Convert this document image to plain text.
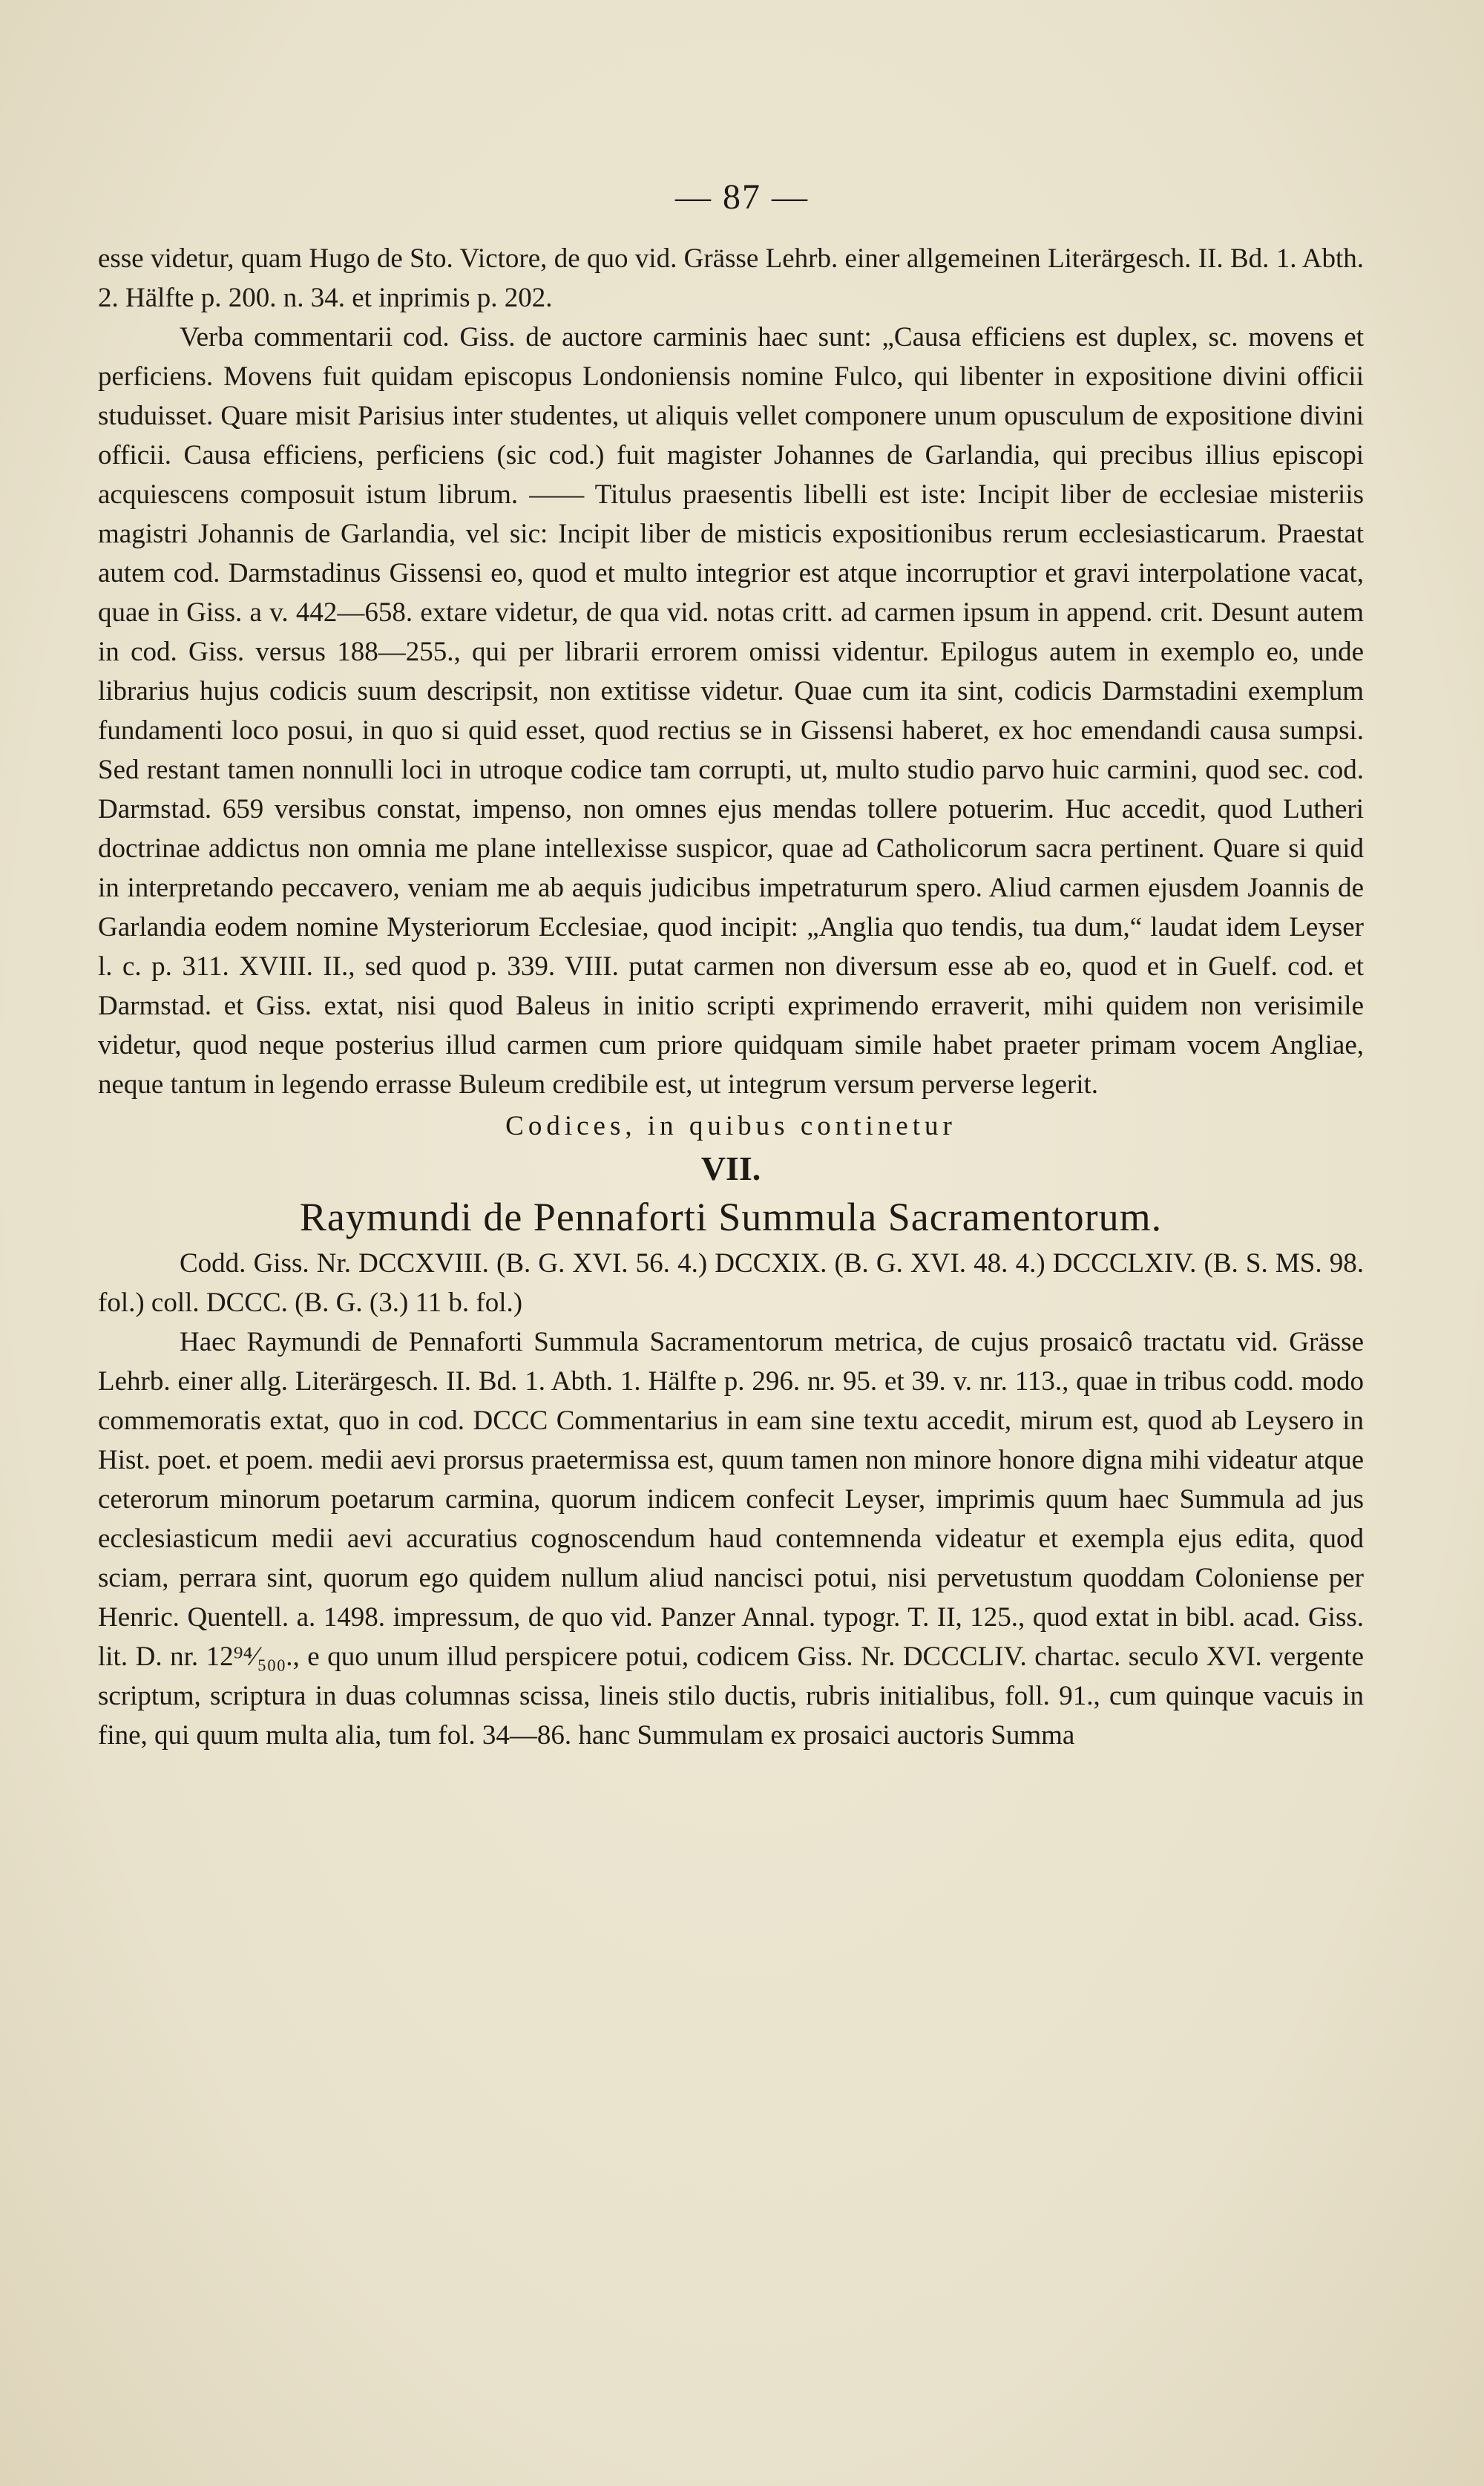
— 87 —

esse videtur, quam Hugo de Sto. Victore, de quo vid. Grässe Lehrb. einer allgemeinen Literärgesch. II. Bd. 1. Abth. 2. Hälfte p. 200. n. 34. et inprimis p. 202.

Verba commentarii cod. Giss. de auctore carminis haec sunt: „Causa efficiens est duplex, sc. movens et perficiens. Movens fuit quidam episcopus Londoniensis nomine Fulco, qui libenter in expositione divini officii studuisset. Quare misit Parisius inter studentes, ut aliquis vellet componere unum opusculum de expositione divini officii. Causa efficiens, perficiens (sic cod.) fuit magister Johannes de Garlandia, qui precibus illius episcopi acquiescens composuit istum librum. —— Titulus praesentis libelli est iste: Incipit liber de ecclesiae misteriis magistri Johannis de Garlandia, vel sic: Incipit liber de misticis expositionibus rerum ecclesiasticarum. Praestat autem cod. Darmstadinus Gissensi eo, quod et multo integrior est atque incorruptior et gravi interpolatione vacat, quae in Giss. a v. 442—658. extare videtur, de qua vid. notas critt. ad carmen ipsum in append. crit. Desunt autem in cod. Giss. versus 188—255., qui per librarii errorem omissi videntur. Epilogus autem in exemplo eo, unde librarius hujus codicis suum descripsit, non extitisse videtur. Quae cum ita sint, codicis Darmstadini exemplum fundamenti loco posui, in quo si quid esset, quod rectius se in Gissensi haberet, ex hoc emendandi causa sumpsi. Sed restant tamen nonnulli loci in utroque codice tam corrupti, ut, multo studio parvo huic carmini, quod sec. cod. Darmstad. 659 versibus constat, impenso, non omnes ejus mendas tollere potuerim. Huc accedit, quod Lutheri doctrinae addictus non omnia me plane intellexisse suspicor, quae ad Catholicorum sacra pertinent. Quare si quid in interpretando peccavero, veniam me ab aequis judicibus impetraturum spero. Aliud carmen ejusdem Joannis de Garlandia eodem nomine Mysteriorum Ecclesiae, quod incipit: „Anglia quo tendis, tua dum,“ laudat idem Leyser l. c. p. 311. XVIII. II., sed quod p. 339. VIII. putat carmen non diversum esse ab eo, quod et in Guelf. cod. et Darmstad. et Giss. extat, nisi quod Baleus in initio scripti exprimendo erraverit, mihi quidem non verisimile videtur, quod neque posterius illud carmen cum priore quidquam simile habet praeter primam vocem Angliae, neque tantum in legendo errasse Buleum credibile est, ut integrum versum perverse legerit.

Codices, in quibus continetur
VII.
Raymundi de Pennaforti Summula Sacramentorum.

Codd. Giss. Nr. DCCXVIII. (B. G. XVI. 56. 4.) DCCXIX. (B. G. XVI. 48. 4.) DCCCLXIV. (B. S. MS. 98. fol.) coll. DCCC. (B. G. (3.) 11 b. fol.)

Haec Raymundi de Pennaforti Summula Sacramentorum metrica, de cujus prosaicô tractatu vid. Grässe Lehrb. einer allg. Literärgesch. II. Bd. 1. Abth. 1. Hälfte p. 296. nr. 95. et 39. v. nr. 113., quae in tribus codd. modo commemoratis extat, quo in cod. DCCC Commentarius in eam sine textu accedit, mirum est, quod ab Leysero in Hist. poet. et poem. medii aevi prorsus praetermissa est, quum tamen non minore honore digna mihi videatur atque ceterorum minorum poetarum carmina, quorum indicem confecit Leyser, imprimis quum haec Summula ad jus ecclesiasticum medii aevi accuratius cognoscendum haud contemnenda videatur et exempla ejus edita, quod sciam, perrara sint, quorum ego quidem nullum aliud nancisci potui, nisi pervetustum quoddam Coloniense per Henric. Quentell. a. 1498. impressum, de quo vid. Panzer Annal. typogr. T. II, 125., quod extat in bibl. acad. Giss. lit. D. nr. 12⁹⁴⁄₅₀₀., e quo unum illud perspicere potui, codicem Giss. Nr. DCCCLIV. chartac. seculo XVI. vergente scriptum, scriptura in duas columnas scissa, lineis stilo ductis, rubris initialibus, foll. 91., cum quinque vacuis in fine, qui quum multa alia, tum fol. 34—86. hanc Summulam ex prosaici auctoris Summa
